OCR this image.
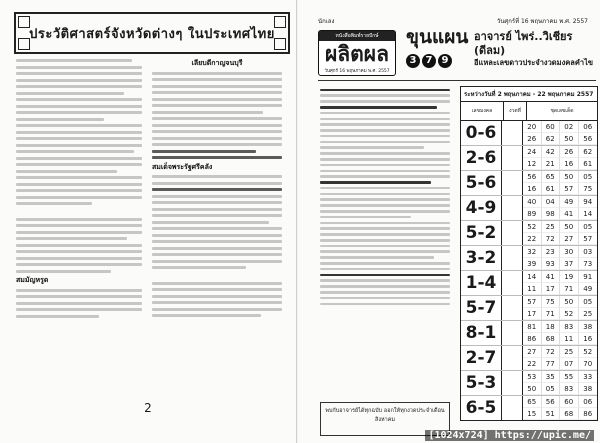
ประวัติศาสตร์จังหวัดต่างๆ ในประเทศไทย
สมมัญหรูด
เลียบดีกาญจนบุรี
สมเด็จพระรัฐศรีคลัง
2
นักเลง	วันศุกร์ที่ 16 พฤษภาคม พ.ศ. 2557
หนังสือพิมพ์รายปักษ์
ผลิตผล
วันศุกร์ 16 พฤษภาคม พ.ศ. 2557
ขุนแผน
3 7 9
อาจารย์ ไพร่..วิเชียร (ดีลม)
อีแหละเลขดาวประจำงวดมงคลคำไข
ระหว่างวันที่ 2 พฤษภาคม - 22 พฤษภาคม 2557
เลขมงคล	งวดที่	ชุดเลขเด็ด
0-6	20	60	02	06
26	62	50	56
2-6	24	42	26	62
12	21	16	61
5-6	56	65	50	05
16	61	57	75
4-9	40	04	49	94
89	98	41	14
5-2	52	25	50	05
22	72	27	57
3-2	32	23	30	03
39	93	37	73
1-4	14	41	19	91
11	17	71	49
5-7	57	75	50	05
17	71	52	25
8-1	81	18	83	38
86	68	11	16
2-7	27	72	25	52
22	77	07	70
5-3	53	35	55	33
50	05	83	38
6-5	65	56	60	06
15	51	68	86
พบกับอาจารย์ได้ทุกฉบับ ออกให้ทุกงวดประจำเดือนสิงหาคม
[1024x724] https://upic.me/
